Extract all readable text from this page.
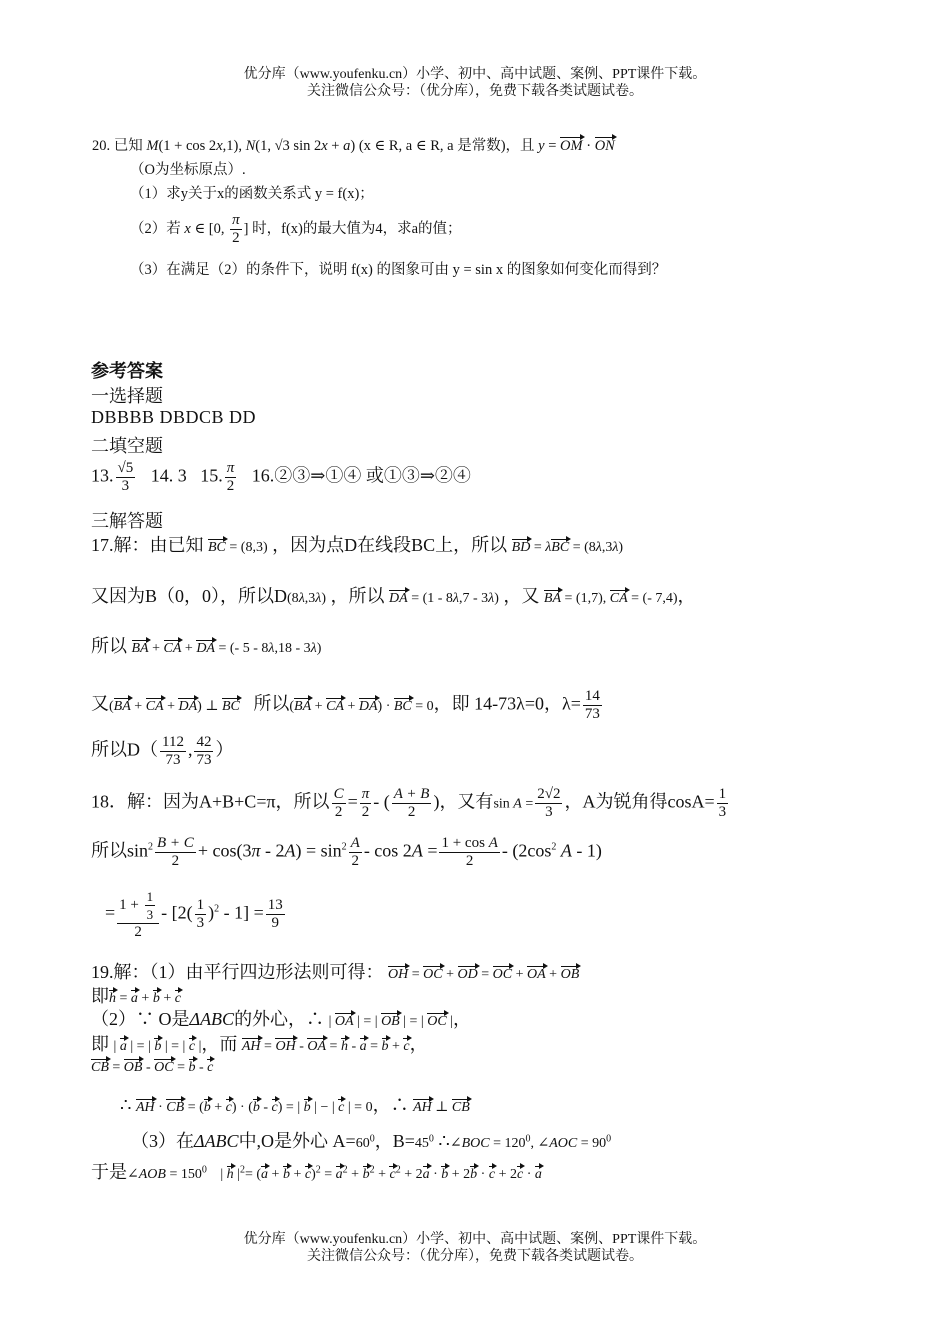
优分库（www.youfenku.cn）小学、初中、高中试题、案例、PPT课件下载。
关注微信公众号：（优分库），免费下载各类试题试卷。
20. 已知 M(1 + cos 2x,1), N(1, √3 sin 2x + a) (x ∈ R, a ∈ R, a 是常数)，且 y = OM · ON
（O为坐标原点）.
（1）求y关于x的函数关系式 y = f(x)；
（2）若 x ∈ [0, $\frac{\pi}{2}$ ] 时，f(x)的最大值为4，求a的值；
（3）在满足（2）的条件下，说明 f(x) 的图象可由 y = sin x 的图象如何变化而得到？
参考答案
一选择题
DBBBB DBDCB DD
二填空题
13. $\frac{√5}{3} 14$. 3 15. $\frac{\pi}{2}$ 16.②③⇒①④ 或①③⇒②④
三解答题
17.解：由已知 BC = (8,3) ，因为点D在线段BC上，所以 BD = λBC = (8λ,3λ)
又因为B（0，0），所以D(8λ,3λ) ，所以 DA = (1 - 8λ,7 - 3λ) ，又 BA = (1,7), CA = (- 7,4)，
所以 BA + CA + DA = (- 5 - 8λ,18 - 3λ)
又(BA + CA + DA) ⊥ BC 所以(BA + CA + DA) · BC = 0，即 14-73λ=0，$\lambda= \frac{14}{73}$
所以$D( \frac{112}{73}$ , $\frac{42}{73}$ ）
18．解：因为A+B+C=π，所以 $\frac{C}{2} = \frac{\pi}{2}$ - ( $\frac{A + B}{2}$ )，又有$\sin A = \frac{2√2}{3}$ ，A为锐角得$\cos A= \frac{1}{3}$
所以$\sin^2 \frac{B + C}{2} + \cos(3\pi - 2A) = \sin^2 \frac{A}{2} - \cos 2A = \frac{\text{1 + cos A}}{2} - (2\cos^2$ A - 1)
= $\frac{1 + \frac{1}{3}}{2} - [2( \frac{1}{3} )^2 - 1] = \frac{13}{9}$
19.解：（1）由平行四边形法则可得： OH = OC + OD = OC + OA + OB
即h = a + b + c
（2）∵ O是ΔABC的外心，∴ | OA | = | OB | = | OC |，
即 | a | = | b | = | c |，而 AH = OH - OA = h - a = b + c，
CB = OB - OC = b - c
∴ AH · CB = (b + c) · (b - c) = | b | − | c | = 0，∴ AH ⊥ CB
（3）在ΔABC中,O是外心 $A=60^0$，$B=45^0$ ∴∠BOC = $120^0$, ∠AOC = $90^0$
于是∠AOB = $150^0$ | h $|^2= (a + b + c)^2 = a^2 + b^2 + c^2 + 2a \cdot b + 2b \cdot c + 2c \cdot a$
优分库（www.youfenku.cn）小学、初中、高中试题、案例、PPT课件下载。
关注微信公众号：（优分库），免费下载各类试题试卷。
